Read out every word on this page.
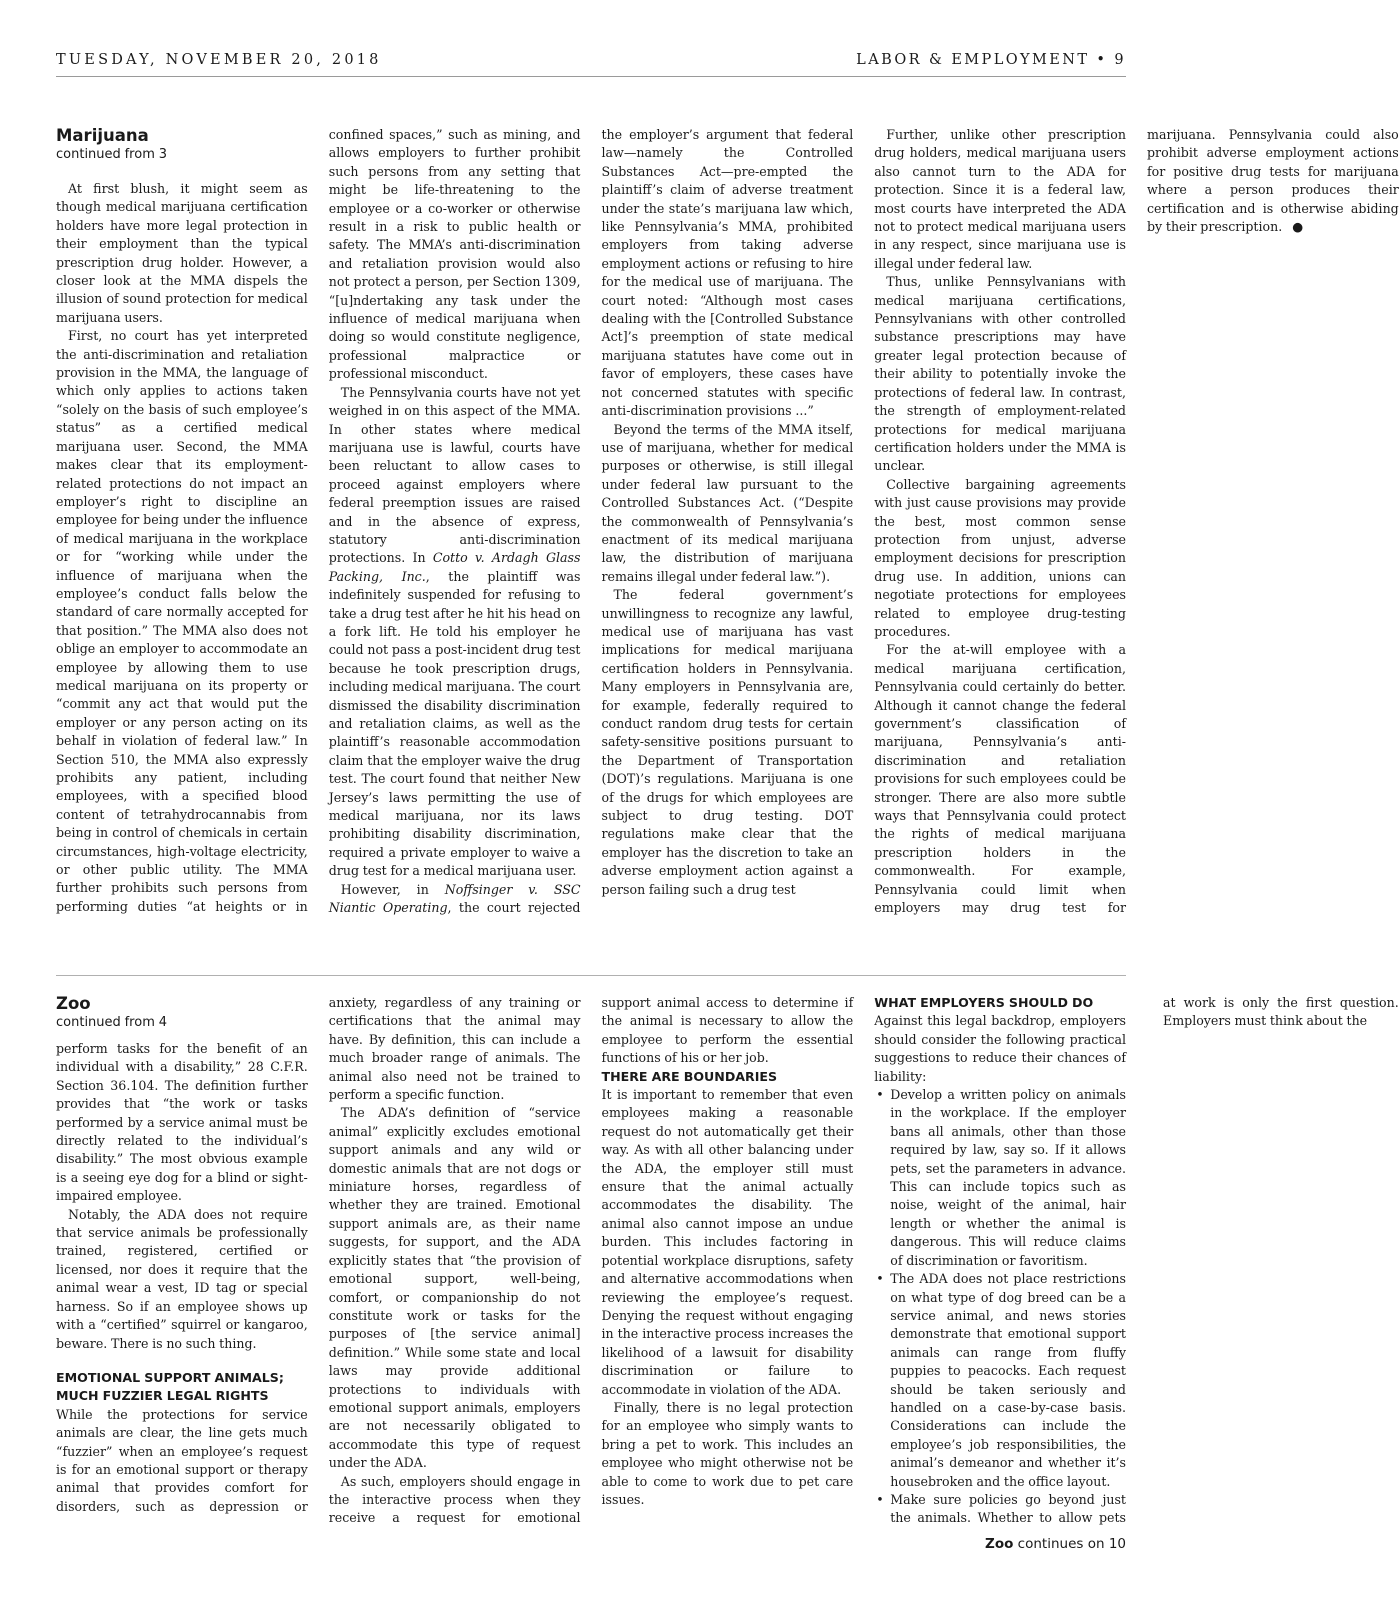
TUESDAY, NOVEMBER 20, 2018	LABOR & EMPLOYMENT • 9
Marijuana
continued from 3

At first blush, it might seem as though medical marijuana certification holders have more legal protection in their employment than the typical prescription drug holder. However, a closer look at the MMA dispels the illusion of sound protection for medical marijuana users.

First, no court has yet interpreted the anti-discrimination and retaliation provision in the MMA, the language of which only applies to actions taken “solely on the basis of such employee’s status” as a certified medical marijuana user. Second, the MMA makes clear that its employment-related protections do not impact an employer’s right to discipline an employee for being under the influence of medical marijuana in the workplace or for “working while under the influence of marijuana when the employee’s conduct falls below the standard of care normally accepted for that position.” The MMA also does not oblige an employer to accommodate an employee by allowing them to use medical marijuana on its property or “commit any act that would put the employer or any person acting on its behalf in violation of federal law.” In Section 510, the MMA also expressly prohibits any patient, including employees, with a specified blood content of tetrahydrocannabis from being in control of chemicals in certain circumstances, high-voltage electricity, or other public utility. The MMA further prohibits such persons from performing duties “at heights or in confined spaces,” such as mining, and allows employers to further prohibit such persons from any setting that might be life-threatening to the employee or a co-worker or otherwise result in a risk to public health or safety. The MMA’s anti-discrimination and retaliation provision would also not protect a person, per Section 1309, “[u]ndertaking any task under the influence of medical marijuana when doing so would constitute negligence, professional malpractice or professional misconduct.

The Pennsylvania courts have not yet weighed in on this aspect of the MMA. In other states where medical marijuana use is lawful, courts have been reluctant to allow cases to proceed against employers where federal preemption issues are raised and in the absence of express, statutory anti-discrimination protections. In Cotto v. Ardagh Glass Packing, Inc., the plaintiff was indefinitely suspended for refusing to take a drug test after he hit his head on a fork lift. He told his employer he could not pass a post-incident drug test because he took prescription drugs, including medical marijuana. The court dismissed the disability discrimination and retaliation claims, as well as the plaintiff’s reasonable accommodation claim that the employer waive the drug test. The court found that neither New Jersey’s laws permitting the use of medical marijuana, nor its laws prohibiting disability discrimination, required a private employer to waive a drug test for a medical marijuana user.

However, in Noffsinger v. SSC Niantic Operating, the court rejected the employer’s argument that federal law—namely the Controlled Substances Act—pre-empted the plaintiff’s claim of adverse treatment under the state’s marijuana law which, like Pennsylvania’s MMA, prohibited employers from taking adverse employment actions or refusing to hire for the medical use of marijuana. The court noted: “Although most cases dealing with the [Controlled Substance Act]’s preemption of state medical marijuana statutes have come out in favor of employers, these cases have not concerned statutes with specific anti-discrimination provisions ...”

Beyond the terms of the MMA itself, use of marijuana, whether for medical purposes or otherwise, is still illegal under federal law pursuant to the Controlled Substances Act. (“Despite the commonwealth of Pennsylvania’s enactment of its medical marijuana law, the distribution of marijuana remains illegal under federal law.”).

The federal government’s unwillingness to recognize any lawful, medical use of marijuana has vast implications for medical marijuana certification holders in Pennsylvania. Many employers in Pennsylvania are, for example, federally required to conduct random drug tests for certain safety-sensitive positions pursuant to the Department of Transportation (DOT)’s regulations. Marijuana is one of the drugs for which employees are subject to drug testing. DOT regulations make clear that the employer has the discretion to take an adverse employment action against a person failing such a drug test

Further, unlike other prescription drug holders, medical marijuana users also cannot turn to the ADA for protection. Since it is a federal law, most courts have interpreted the ADA not to protect medical marijuana users in any respect, since marijuana use is illegal under federal law.

Thus, unlike Pennsylvanians with medical marijuana certifications, Pennsylvanians with other controlled substance prescriptions may have greater legal protection because of their ability to potentially invoke the protections of federal law. In contrast, the strength of employment-related protections for medical marijuana certification holders under the MMA is unclear.

Collective bargaining agreements with just cause provisions may provide the best, most common sense protection from unjust, adverse employment decisions for prescription drug use. In addition, unions can negotiate protections for employees related to employee drug-testing procedures.

For the at-will employee with a medical marijuana certification, Pennsylvania could certainly do better. Although it cannot change the federal government’s classification of marijuana, Pennsylvania’s anti-discrimination and retaliation provisions for such employees could be stronger. There are also more subtle ways that Pennsylvania could protect the rights of medical marijuana prescription holders in the commonwealth. For example, Pennsylvania could limit when employers may drug test for marijuana. Pennsylvania could also prohibit adverse employment actions for positive drug tests for marijuana where a person produces their certification and is otherwise abiding by their prescription. ●

Zoo
continued from 4

perform tasks for the benefit of an individual with a disability,” 28 C.F.R. Section 36.104. The definition further provides that “the work or tasks performed by a service animal must be directly related to the individual’s disability.” The most obvious example is a seeing eye dog for a blind or sight-impaired employee.

Notably, the ADA does not require that service animals be professionally trained, registered, certified or licensed, nor does it require that the animal wear a vest, ID tag or special harness. So if an employee shows up with a “certified” squirrel or kangaroo, beware. There is no such thing.

EMOTIONAL SUPPORT ANIMALS; MUCH FUZZIER LEGAL RIGHTS

While the protections for service animals are clear, the line gets much “fuzzier” when an employee’s request is for an emotional support or therapy animal that provides comfort for disorders, such as depression or anxiety, regardless of any training or certifications that the animal may have. By definition, this can include a much broader range of animals. The animal also need not be trained to perform a specific function.

The ADA’s definition of “service animal” explicitly excludes emotional support animals and any wild or domestic animals that are not dogs or miniature horses, regardless of whether they are trained. Emotional support animals are, as their name suggests, for support, and the ADA explicitly states that “the provision of emotional support, well-being, comfort, or companionship do not constitute work or tasks for the purposes of [the service animal] definition.” While some state and local laws may provide additional protections to individuals with emotional support animals, employers are not necessarily obligated to accommodate this type of request under the ADA.

As such, employers should engage in the interactive process when they receive a request for emotional support animal access to determine if the animal is necessary to allow the employee to perform the essential functions of his or her job.

THERE ARE BOUNDARIES

It is important to remember that even employees making a reasonable request do not automatically get their way. As with all other balancing under the ADA, the employer still must ensure that the animal actually accommodates the disability. The animal also cannot impose an undue burden. This includes factoring in potential workplace disruptions, safety and alternative accommodations when reviewing the employee’s request. Denying the request without engaging in the interactive process increases the likelihood of a lawsuit for disability discrimination or failure to accommodate in violation of the ADA.

Finally, there is no legal protection for an employee who simply wants to bring a pet to work. This includes an employee who might otherwise not be able to come to work due to pet care issues.

WHAT EMPLOYERS SHOULD DO

Against this legal backdrop, employers should consider the following practical suggestions to reduce their chances of liability:

• Develop a written policy on animals in the workplace. If the employer bans all animals, other than those required by law, say so. If it allows pets, set the parameters in advance. This can include topics such as noise, weight of the animal, hair length or whether the animal is dangerous. This will reduce claims of discrimination or favoritism.
• The ADA does not place restrictions on what type of dog breed can be a service animal, and news stories demonstrate that emotional support animals can range from fluffy puppies to peacocks. Each request should be taken seriously and handled on a case-by-case basis. Considerations can include the employee’s job responsibilities, the animal’s demeanor and whether it’s housebroken and the office layout.
• Make sure policies go beyond just the animals. Whether to allow pets at work is only the first question. Employers must think about the
Zoo continues on 10
